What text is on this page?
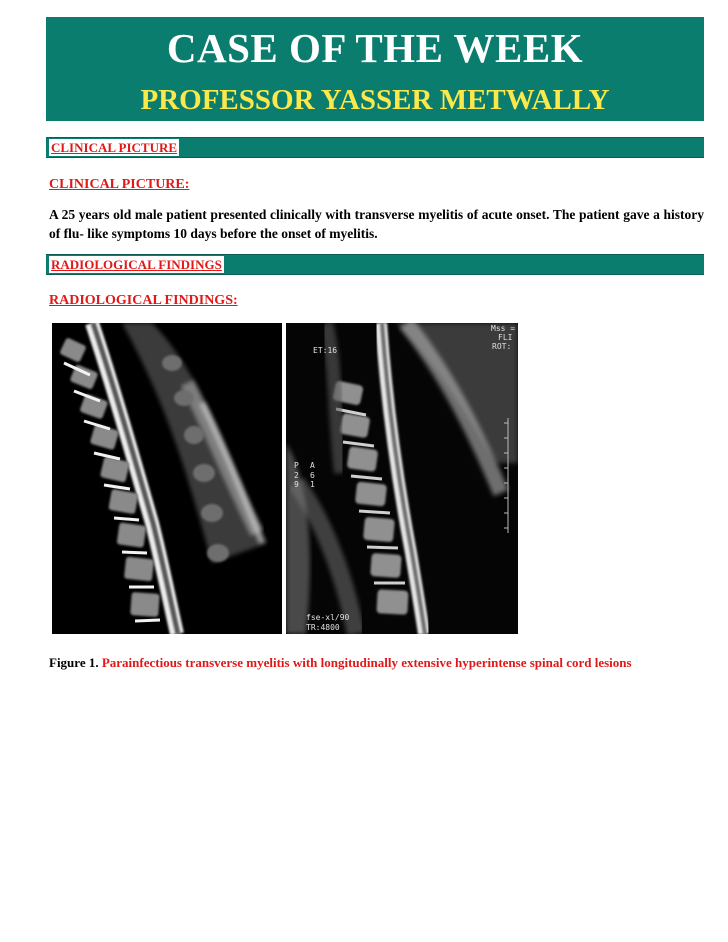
CASE OF THE WEEK
PROFESSOR YASSER METWALLY
CLINICAL PICTURE
CLINICAL PICTURE:
A 25 years old male patient presented clinically with transverse myelitis of acute onset. The patient gave a history of flu- like symptoms 10 days before the onset of myelitis.
RADIOLOGICAL FINDINGS
RADIOLOGICAL FINDINGS:
Mss =
FLI
ROT:
ET:16
P
2
9
A
6
1
fse-xl/90
TR:4800
Figure 1. Parainfectious transverse myelitis with longitudinally extensive hyperintense spinal cord lesions
